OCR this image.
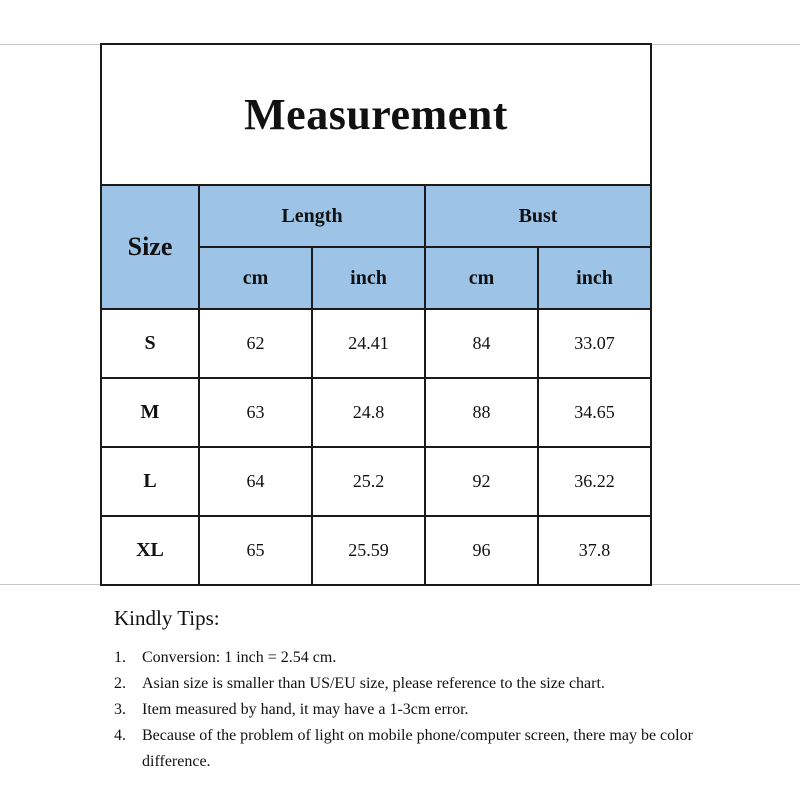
Measurement				
Size	Length		Bust	
	cm	inch	cm	inch
S	62	24.41	84	33.07
M	63	24.8	88	34.65
L	64	25.2	92	36.22
XL	65	25.59	96	37.8
Kindly Tips:
1.	Conversion: 1 inch = 2.54 cm.
2.	Asian size is smaller than US/EU size, please reference to the size chart.
3.	Item measured by hand, it may have a 1-3cm error.
4.	Because of the problem of light on mobile phone/computer screen, there may be color difference.
